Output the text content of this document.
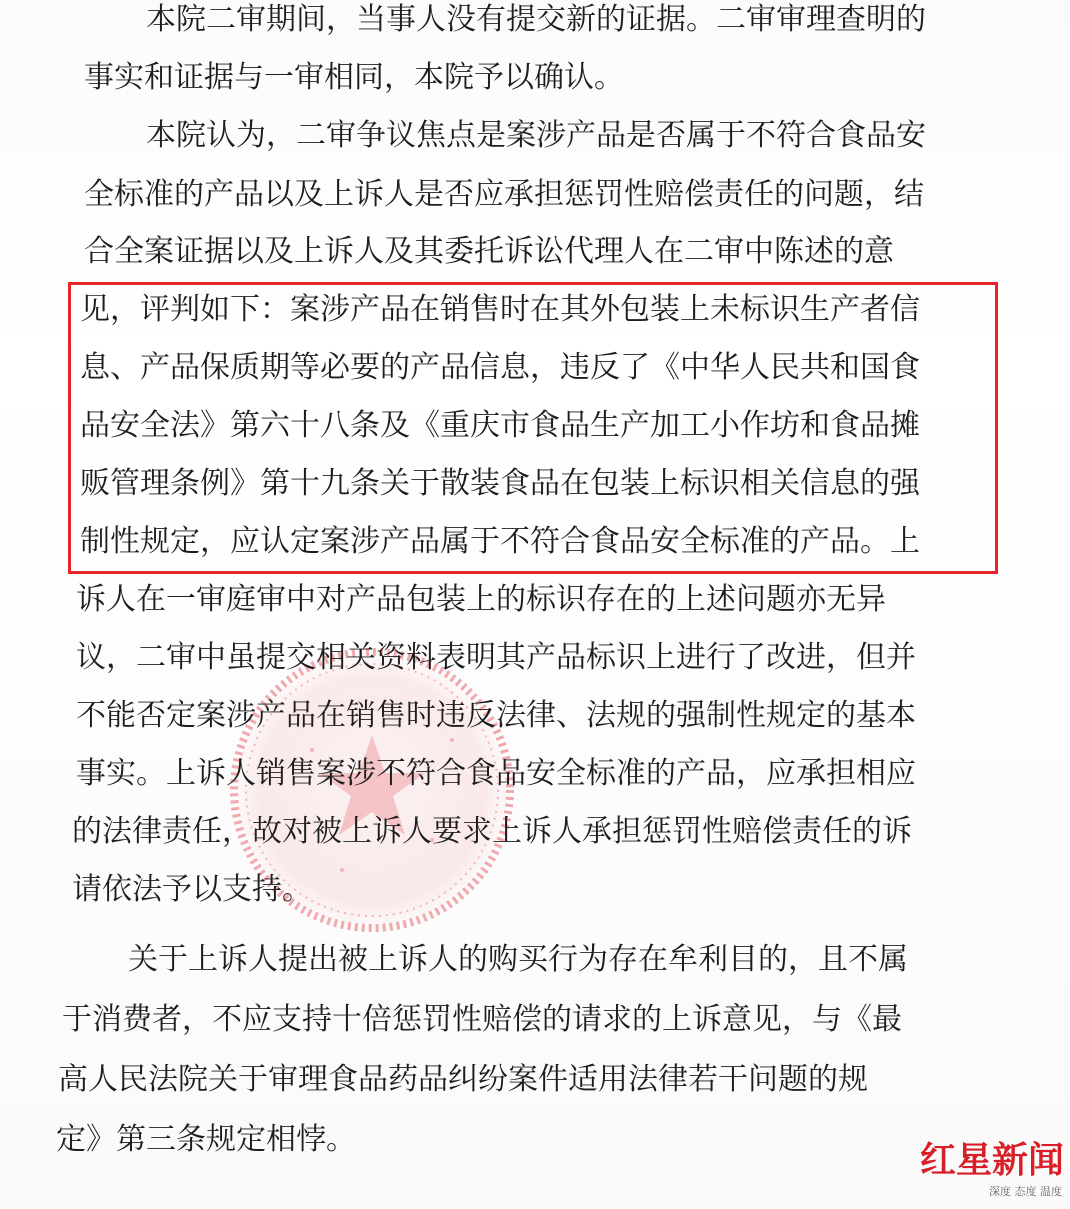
本院二审期间，当事人没有提交新的证据。二审审理查明的
事实和证据与一审相同，本院予以确认。
本院认为，二审争议焦点是案涉产品是否属于不符合食品安
全标准的产品以及上诉人是否应承担惩罚性赔偿责任的问题，结
合全案证据以及上诉人及其委托诉讼代理人在二审中陈述的意
见，评判如下：案涉产品在销售时在其外包装上未标识生产者信
息、产品保质期等必要的产品信息，违反了《中华人民共和国食
品安全法》第六十八条及《重庆市食品生产加工小作坊和食品摊
贩管理条例》第十九条关于散装食品在包装上标识相关信息的强
制性规定，应认定案涉产品属于不符合食品安全标准的产品。上
诉人在一审庭审中对产品包装上的标识存在的上述问题亦无异
议，二审中虽提交相关资料表明其产品标识上进行了改进，但并
不能否定案涉产品在销售时违反法律、法规的强制性规定的基本
事实。上诉人销售案涉不符合食品安全标准的产品，应承担相应
的法律责任，故对被上诉人要求上诉人承担惩罚性赔偿责任的诉
请依法予以支持。
关于上诉人提出被上诉人的购买行为存在牟利目的，且不属
于消费者，不应支持十倍惩罚性赔偿的请求的上诉意见，与《最
高人民法院关于审理食品药品纠纷案件适用法律若干问题的规
定》第三条规定相悖。
红星新闻
深度 态度 温度
